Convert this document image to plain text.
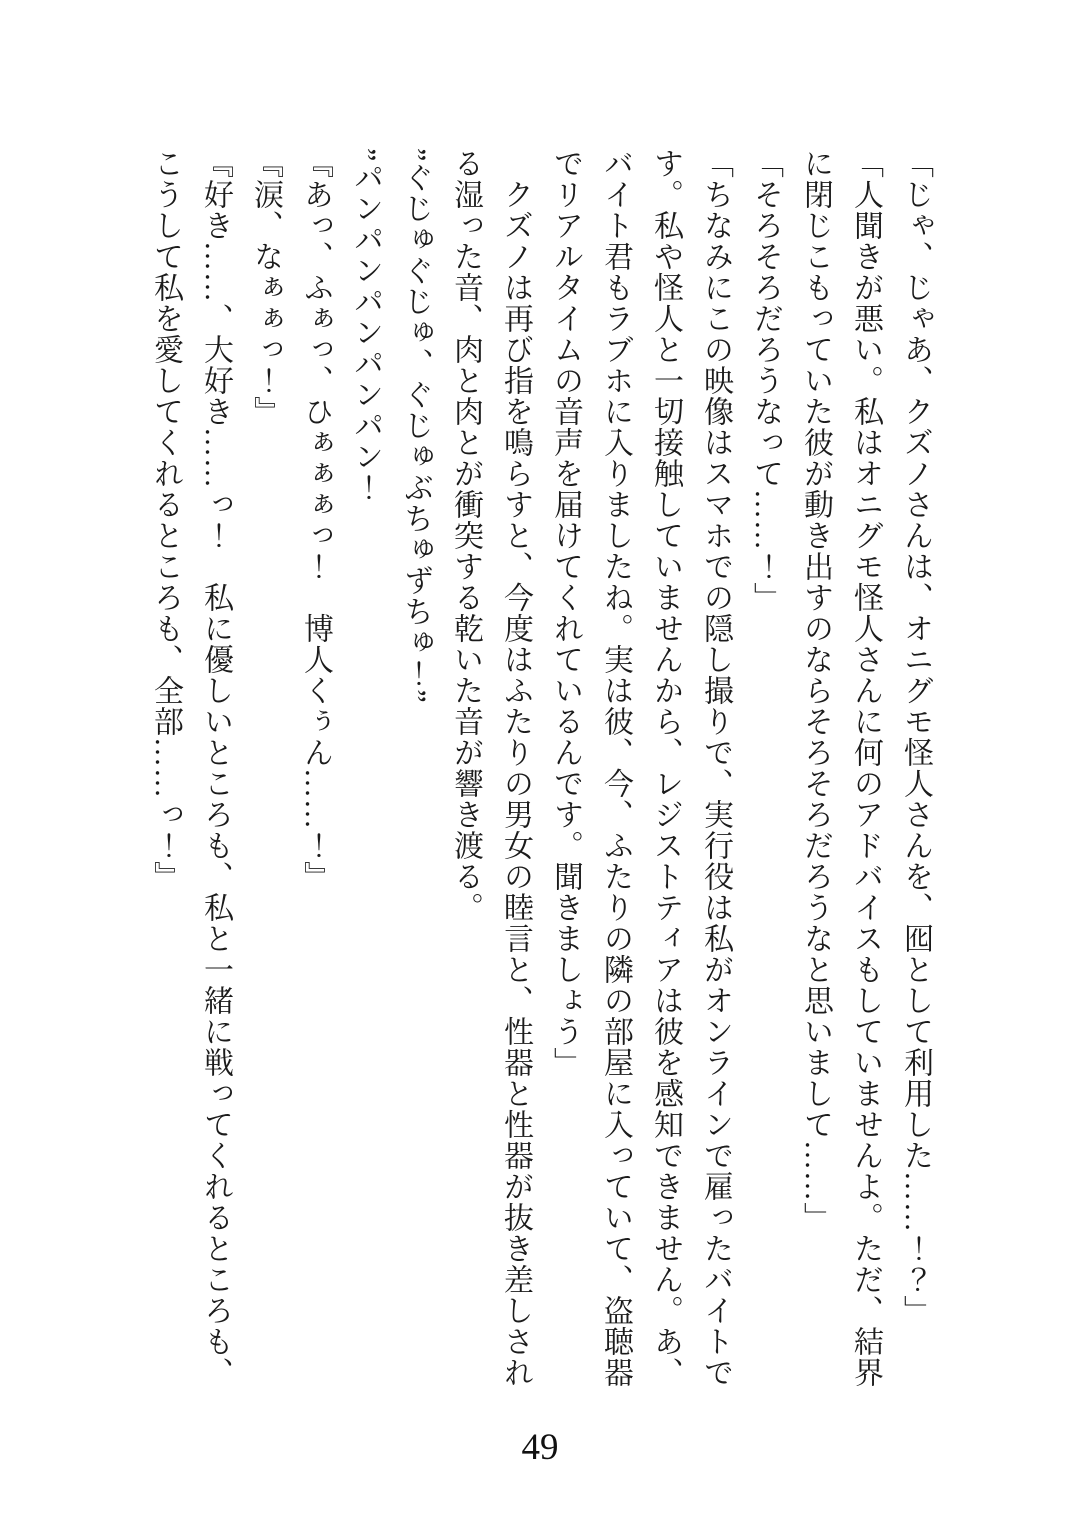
「じゃ、じゃあ、クズノさんは、オニグモ怪人さんを、囮として利用した……！？」

「人聞きが悪い。私はオニグモ怪人さんに何のアドバイスもしていませんよ。ただ、結界

に閉じこもっていた彼が動き出すのならそろそろだろうなと思いまして……」

「そろそろだろうなって……！」

「ちなみにこの映像はスマホでの隠し撮りで、実行役は私がオンラインで雇ったバイトで

す。私や怪人と一切接触していませんから、レジストティアは彼を感知できません。あ、

バイト君もラブホに入りましたね。実は彼、今、ふたりの隣の部屋に入っていて、盗聴器

でリアルタイムの音声を届けてくれているんです。聞きましょう」

クズノは再び指を鳴らすと、今度はふたりの男女の睦言と、性器と性器が抜き差しされ

る湿った音、肉と肉とが衝突する乾いた音が響き渡る。

”ぐじゅぐじゅ、ぐじゅぶちゅずちゅ！”

”パンパンパンパンパン！

『あっ、ふぁっ、ひぁぁぁっ！　博人くぅん……！』

『涙、なぁぁっ！』

『好き……、大好き……っ！　私に優しいところも、私と一緒に戦ってくれるところも、

こうして私を愛してくれるところも、全部……っ！』

49
